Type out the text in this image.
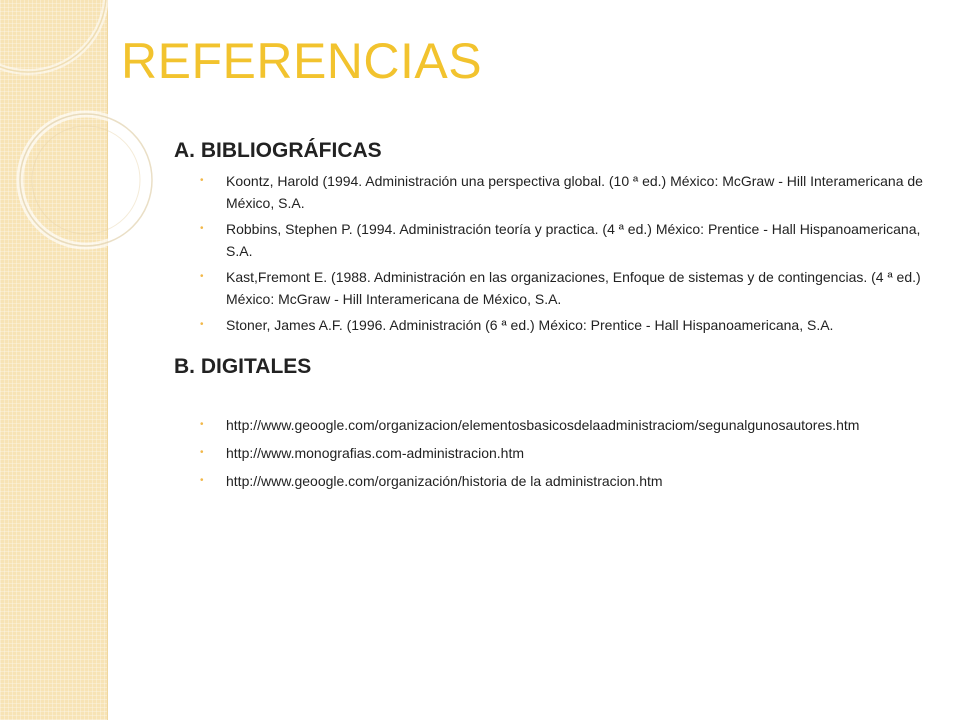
REFERENCIAS
A. BIBLIOGRÁFICAS
• Koontz, Harold (1994. Administración una perspectiva global. (10 ª ed.) México: McGraw - Hill Interamericana de México, S.A.
• Robbins, Stephen P. (1994. Administración teoría y practica. (4 ª ed.) México: Prentice - Hall Hispanoamericana, S.A.
• Kast,Fremont E. (1988. Administración en las organizaciones, Enfoque de sistemas y de contingencias. (4 ª ed.) México: McGraw - Hill Interamericana de México, S.A.
• Stoner, James A.F. (1996. Administración (6 ª ed.) México: Prentice - Hall Hispanoamericana, S.A.
B. DIGITALES
• http://www.geoogle.com/organizacion/elementosbasicosdelaadministraciom/segunalgunosautores.htm
• http://www.monografias.com-administracion.htm
• http://www.geoogle.com/organización/historia de la administracion.htm
